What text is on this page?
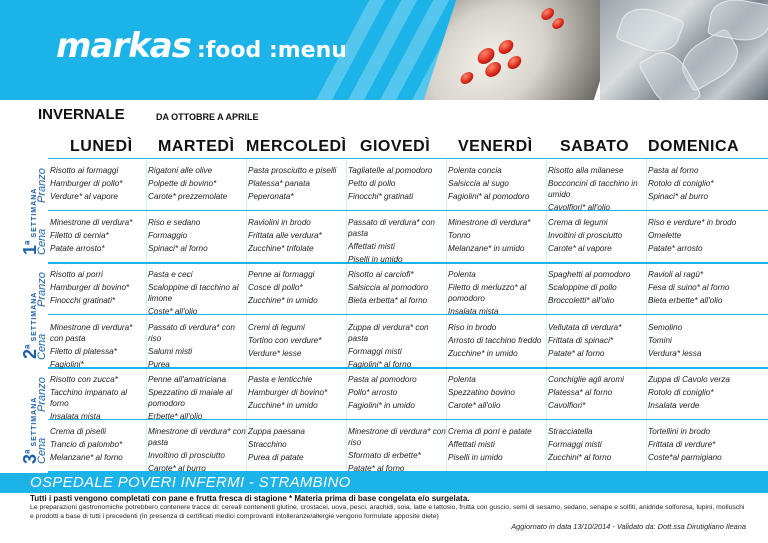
markas :food :menu
INVERNALE	DA OTTOBRE A APRILE
LUNEDÌ MARTEDÌ MERCOLEDÌ GIOVEDÌ VENERDÌ SABATO DOMENICA
1$^a$SETTIMANA
Pranzo Risotto ai formaggi
Hamburger di pollo*
Verdure* al vapore
Rigatoni alle olive
Polpette di bovino*
Carote* prezzemolate
Pasta prosciutto e piselli
Platessa* panata
Peperonata*
Tagliatelle al pomodoro
Petto di pollo
Finocchi* gratinati
Polenta concia
Salsiccia al sugo
Fagiolini* al pomodoro
Risotto alla milanese
Bocconcini di tacchino in umido
Cavolfiori* all'olio
Pasta al forno
Rotolo di coniglio*
Spinaci* al burro
Cena
Minestrone di verdura*
Filetto di cernia*
Patate arrosto*
Riso e sedano
Formaggio
Spinaci* al forno
Raviolini in brodo
Frittata alle verdura*
Zucchine* trifolate
Passato di verdura* con pasta
Affettati misti
Piselli in umido
Minestrone di verdura*
Tonno
Melanzane* in umido
Crema di legumi
Involtini di prosciutto
Carote* al vapore
Riso e verdure* in brodo
Omelette
Patate* arrosto
2$^a$SETTIMANA
Pranzo Risotto ai porri
Hamburger di bovino*
Finocchi gratinati*
Pasta e ceci
Scaloppine di tacchino al limone
Coste* all'olio
Penne ai formaggi
Cosce di pollo*
Zucchine* in umido
Risotto ai carciofi*
Salsiccia al pomodoro
Bieta erbetta* al forno
Polenta
Filetto di merluzzo* al pomodoro
Insalata mista
Spaghetti al pomodoro
Scaloppine di pollo
Broccoletti* all'olio
Ravioli al ragù*
Fesa di suino* al forno
Bieta erbette* all'olio
Cena
Minestrone di verdura* con pasta
Filetto di platessa*
Fagiolini*
Passato di verdura* con riso
Salumi misti
Purea
Cremi di legumi
Tortino con verdure*
Verdure* lesse
Zuppa di verdura* con pasta
Formaggi misti
Fagiolini* al forno
Riso in brodo
Arrosto di tacchino freddo
Zucchine* in umido
Vellutata di verdura*
Frittata di spinaci*
Patate* al forno
Semolino
Tomini
Verdura* lessa
3$^a$SETTIMANA
Pranzo Risotto con zucca*
Tacchino impanato al forno
Insalata mista
Penne all'amatriciana
Spezzatino di maiale al pomodoro
Erbette* all'olio
Pasta e lenticchie
Hamburger di bovino*
Zucchine* in umido
Pasta al pomodoro
Pollo* arrosto
Fagiolini* in umido
Polenta
Spezzatino bovino
Carote* all'olio
Conchiglie agli aromi
Platessa* al forno
Cavolfiori*
Zuppa di Cavolo verza
Rotolo di coniglio*
Insalata verde
Cena
Crema di piselli
Trancio di palombo*
Melanzane* al forno
Minestrone di verdura* con pasta
Involtino di prosciutto
Carote* al burro
Zuppa paesana
Stracchino
Purea di patate
Minestrone di verdura* con riso
Sformato di erbette*
Patate* al forno
Crema di porri e patate
Affettati misti
Piselli in umido
Stracciatella
Formaggi misti
Zucchini* al forno
Tortellini in brodo
Frittata di verdure*
Coste*al parmigiano
OSPEDALE POVERI INFERMI - STRAMBINO
Tutti i pasti vengono completati con pane e frutta fresca di stagione * Materia prima di base congelata e/o surgelata.
Le preparazioni gastronomiche potrebbero contenere tracce di: cereali contenenti glutine, crostacei, uova, pesci, arachidi, soia, latte e lattosio, frutta con guscio, semi di sesamo, sedano, senape e solfiti, anidride solforosa, lupini, molluschi e prodotti a base di tutti i precedenti (In presenza di certificati medici comprovanti intolleranze/allergie vengono formulate apposite diete)
Aggiornato in data 13/10/2014 - Validato da: Dott.ssa Dirutigliano Ileana
